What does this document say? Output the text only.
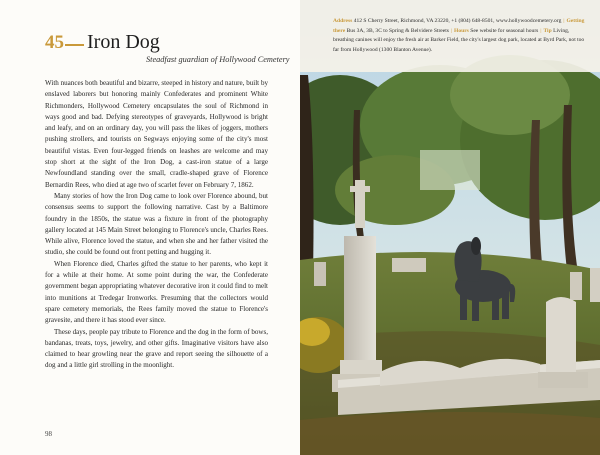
45 Iron Dog
Steadfast guardian of Hollywood Cemetery

With nuances both beautiful and bizarre, steeped in history and nature, built by enslaved laborers but honoring mainly Confederates and prominent White Richmonders, Hollywood Cemetery encapsulates the soul of Richmond in ways good and bad. Defying stereotypes of graveyards, Hollywood is bright and leafy, and on an ordinary day, you will pass the likes of joggers, mothers pushing strollers, and tourists on Segways enjoying some of the city's most beautiful vistas. Even four-legged friends on leashes are welcome and may stop short at the sight of the Iron Dog, a cast-iron statue of a large Newfoundland standing over the small, cradle-shaped grave of Florence Bernardin Rees, who died at age two of scarlet fever on February 7, 1862.

Many stories of how the Iron Dog came to look over Florence abound, but consensus seems to support the following narrative. Cast by a Baltimore foundry in the 1850s, the statue was a fixture in front of the photography gallery located at 145 Main Street belonging to Florence's uncle, Charles Rees. While alive, Florence loved the statue, and when she and her father visited the studio, she could be found out front petting and hugging it.

When Florence died, Charles gifted the statue to her parents, who kept it for a while at their home. At some point during the war, the Confederate government began appropriating whatever decorative iron it could find to melt into munitions at Tredegar Ironworks. Presuming that the collectors would spare cemetery memorials, the Rees family moved the statue to Florence's gravesite, and there it has stood ever since.

These days, people pay tribute to Florence and the dog in the form of bows, bandanas, treats, toys, jewelry, and other gifts. Imaginative visitors have also claimed to hear growling near the grave and report seeing the silhouette of a dog and a little girl strolling in the moonlight.

98
Address 412 S Cherry Street, Richmond, VA 23220, +1 (804) 648-8501, www.hollywoodcemetery.org | Getting there Bus 3A, 3B, 3C to Spring & Belvidere Streets | Hours See website for seasonal hours | Tip Living, breathing canines will enjoy the fresh air at Barker Field, the city's largest dog park, located at Byrd Park, not too far from Hollywood (1300 Blanton Avenue).
